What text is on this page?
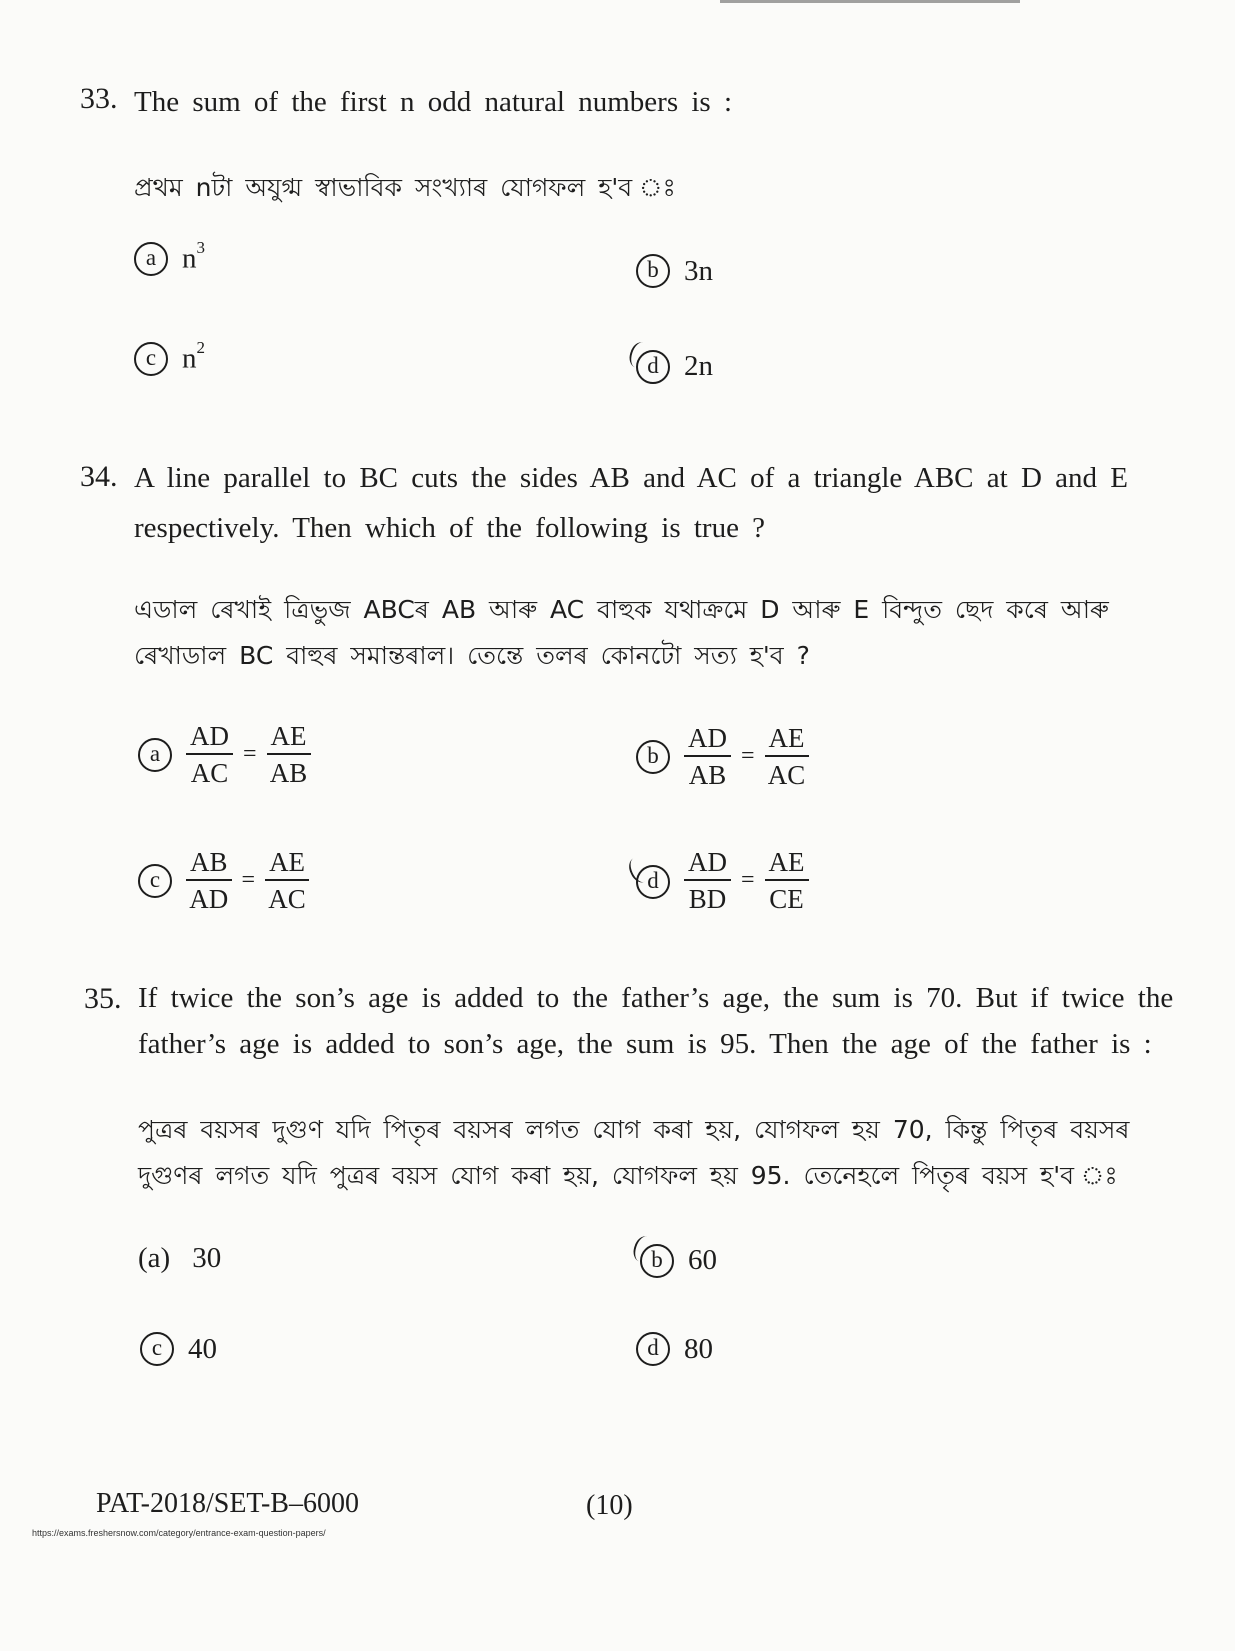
33. The sum of the first n odd natural numbers is :
প্ৰথম nটা অযুগ্ম স্বাভাবিক সংখ্যাৰ যোগফল হ'ব ঃ
a $n^3$
b 3n
c $n^2$
d 2n
34. A line parallel to BC cuts the sides AB and AC of a triangle ABC at D and E
respectively. Then which of the following is true ?
এডাল ৰেখাই ত্ৰিভুজ ABCৰ AB আৰু AC বাহুক যথাক্ৰমে D আৰু E বিন্দুত ছেদ কৰে আৰু
ৰেখাডাল BC বাহুৰ সমান্তৰাল। তেন্তে তলৰ কোনটো সত্য হ'ব ?
a $\frac{AD}{AC} = \frac{AE}{AB}$	b $\frac{AD}{AB} = \frac{AE}{AC}$
c $\frac{AB}{AD} = \frac{AE}{AC}$	d $\frac{AD}{BD} = \frac{AE}{CE}$
35. If twice the son’s age is added to the father’s age, the sum is 70. But if twice the
father’s age is added to son’s age, the sum is 95. Then the age of the father is :
পুত্ৰৰ বয়সৰ দুগুণ যদি পিতৃৰ বয়সৰ লগত যোগ কৰা হয়, যোগফল হয় 70, কিন্তু পিতৃৰ বয়সৰ
দুগুণৰ লগত যদি পুত্ৰৰ বয়স যোগ কৰা হয়, যোগফল হয় 95. তেনেহলে পিতৃৰ বয়স হ'ব ঃ
(a) 30	b 60
c 40	d 80
PAT-2018/SET-B–6000	(10)
https://exams.freshersnow.com/category/entrance-exam-question-papers/
